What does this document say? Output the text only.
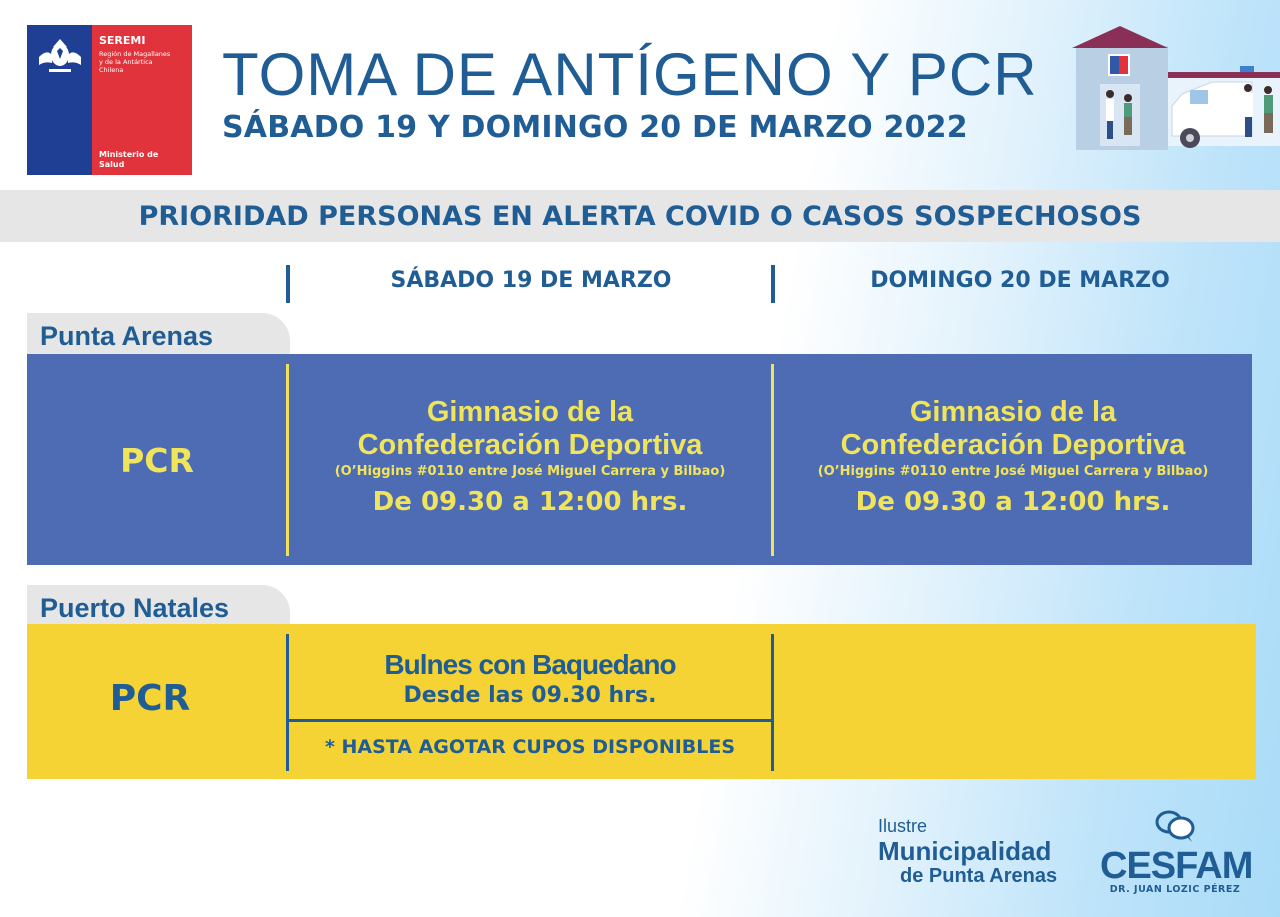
SEREMI
Región de Magallanes
y de la Antártica
Chilena
Ministerio de
Salud
TOMA DE ANTÍGENO Y PCR
SÁBADO 19 Y DOMINGO 20 DE MARZO 2022
PRIORIDAD PERSONAS EN ALERTA COVID O CASOS SOSPECHOSOS
SÁBADO 19 DE MARZO	DOMINGO 20 DE MARZO
Punta Arenas
PCR
Gimnasio de la
Confederación Deportiva
(O’Higgins #0110 entre José Miguel Carrera y Bilbao)
De 09.30 a 12:00 hrs.
Gimnasio de la
Confederación Deportiva
(O’Higgins #0110 entre José Miguel Carrera y Bilbao)
De 09.30 a 12:00 hrs.
Puerto Natales
PCR
Bulnes con Baquedano
Desde las 09.30 hrs.
* HASTA AGOTAR CUPOS DISPONIBLES
Ilustre
Municipalidad
de Punta Arenas CESFAM
DR. JUAN LOZIC PÉREZ
